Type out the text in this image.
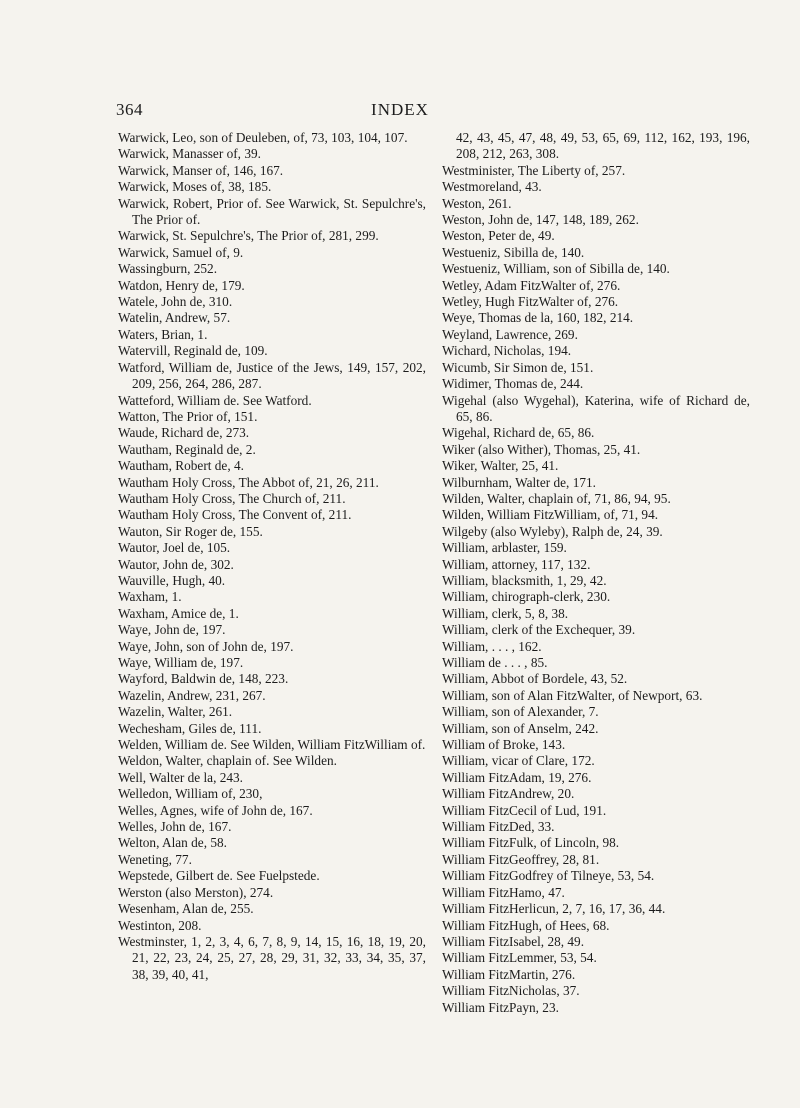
364	INDEX

Warwick, Leo, son of Deuleben, of, 73, 103, 104, 107.

Warwick, Manasser of, 39.

Warwick, Manser of, 146, 167.

Warwick, Moses of, 38, 185.

Warwick, Robert, Prior of. See Warwick, St. Sepulchre's, The Prior of.

Warwick, St. Sepulchre's, The Prior of, 281, 299.

Warwick, Samuel of, 9.

Wassingburn, 252.

Watdon, Henry de, 179.

Watele, John de, 310.

Watelin, Andrew, 57.

Waters, Brian, 1.

Watervill, Reginald de, 109.

Watford, William de, Justice of the Jews, 149, 157, 202, 209, 256, 264, 286, 287.

Watteford, William de. See Watford.

Watton, The Prior of, 151.

Waude, Richard de, 273.

Wautham, Reginald de, 2.

Wautham, Robert de, 4.

Wautham Holy Cross, The Abbot of, 21, 26, 211.

Wautham Holy Cross, The Church of, 211.

Wautham Holy Cross, The Convent of, 211.

Wauton, Sir Roger de, 155.

Wautor, Joel de, 105.

Wautor, John de, 302.

Wauville, Hugh, 40.

Waxham, 1.

Waxham, Amice de, 1.

Waye, John de, 197.

Waye, John, son of John de, 197.

Waye, William de, 197.

Wayford, Baldwin de, 148, 223.

Wazelin, Andrew, 231, 267.

Wazelin, Walter, 261.

Wechesham, Giles de, 111.

Welden, William de. See Wilden, William FitzWilliam of.

Weldon, Walter, chaplain of. See Wilden.

Well, Walter de la, 243.

Welledon, William of, 230,

Welles, Agnes, wife of John de, 167.

Welles, John de, 167.

Welton, Alan de, 58.

Weneting, 77.

Wepstede, Gilbert de. See Fuelpstede.

Werston (also Merston), 274.

Wesenham, Alan de, 255.

Westinton, 208.

Westminster, 1, 2, 3, 4, 6, 7, 8, 9, 14, 15, 16, 18, 19, 20, 21, 22, 23, 24, 25, 27, 28, 29, 31, 32, 33, 34, 35, 37, 38, 39, 40, 41,

42, 43, 45, 47, 48, 49, 53, 65, 69, 112, 162, 193, 196, 208, 212, 263, 308.

Westminister, The Liberty of, 257.

Westmoreland, 43.

Weston, 261.

Weston, John de, 147, 148, 189, 262.

Weston, Peter de, 49.

Westueniz, Sibilla de, 140.

Westueniz, William, son of Sibilla de, 140.

Wetley, Adam FitzWalter of, 276.

Wetley, Hugh FitzWalter of, 276.

Weye, Thomas de la, 160, 182, 214.

Weyland, Lawrence, 269.

Wichard, Nicholas, 194.

Wicumb, Sir Simon de, 151.

Widimer, Thomas de, 244.

Wigehal (also Wygehal), Katerina, wife of Richard de, 65, 86.

Wigehal, Richard de, 65, 86.

Wiker (also Wither), Thomas, 25, 41.

Wiker, Walter, 25, 41.

Wilburnham, Walter de, 171.

Wilden, Walter, chaplain of, 71, 86, 94, 95.

Wilden, William FitzWilliam, of, 71, 94.

Wilgeby (also Wyleby), Ralph de, 24, 39.

William, arblaster, 159.

William, attorney, 117, 132.

William, blacksmith, 1, 29, 42.

William, chirograph-clerk, 230.

William, clerk, 5, 8, 38.

William, clerk of the Exchequer, 39.

William, . . . , 162.

William de . . . , 85.

William, Abbot of Bordele, 43, 52.

William, son of Alan FitzWalter, of Newport, 63.

William, son of Alexander, 7.

William, son of Anselm, 242.

William of Broke, 143.

William, vicar of Clare, 172.

William FitzAdam, 19, 276.

William FitzAndrew, 20.

William FitzCecil of Lud, 191.

William FitzDed, 33.

William FitzFulk, of Lincoln, 98.

William FitzGeoffrey, 28, 81.

William FitzGodfrey of Tilneye, 53, 54.

William FitzHamo, 47.

William FitzHerlicun, 2, 7, 16, 17, 36, 44.

William FitzHugh, of Hees, 68.

William FitzIsabel, 28, 49.

William FitzLemmer, 53, 54.

William FitzMartin, 276.

William FitzNicholas, 37.

William FitzPayn, 23.
